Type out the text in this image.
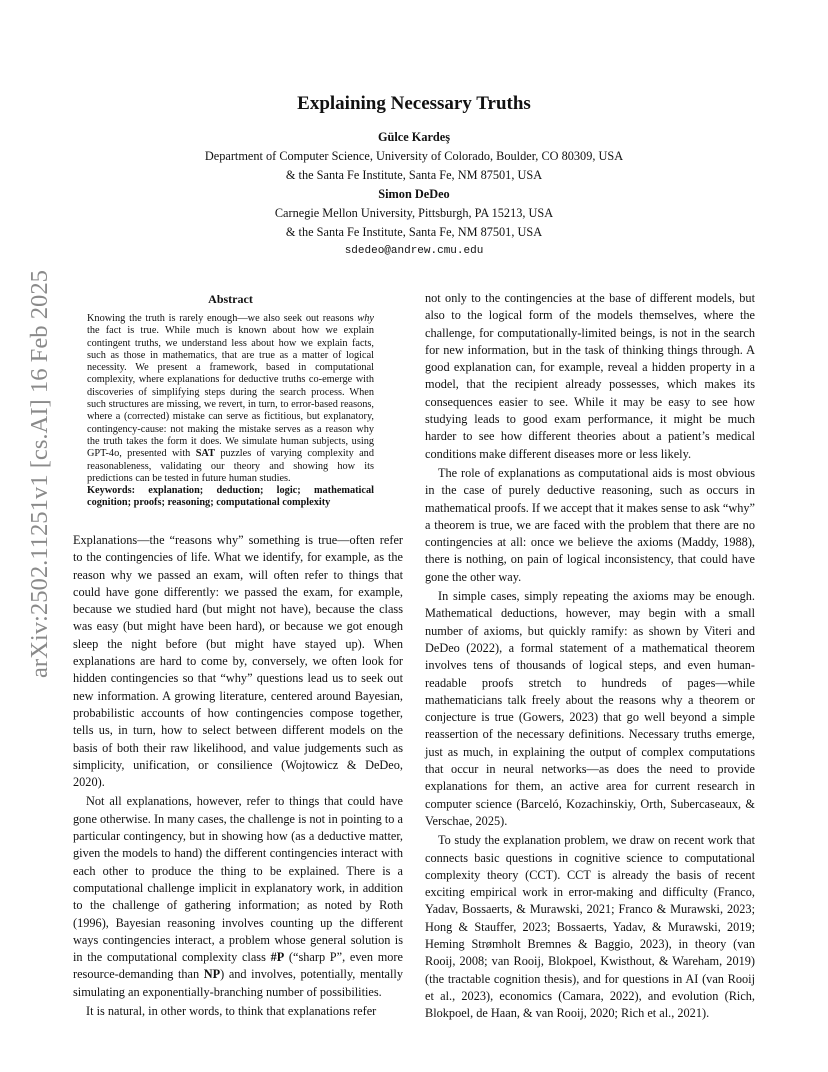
arXiv:2502.11251v1 [cs.AI] 16 Feb 2025
Explaining Necessary Truths
Gülce Kardeş
Department of Computer Science, University of Colorado, Boulder, CO 80309, USA
& the Santa Fe Institute, Santa Fe, NM 87501, USA
Simon DeDeo
Carnegie Mellon University, Pittsburgh, PA 15213, USA
& the Santa Fe Institute, Santa Fe, NM 87501, USA
sdedeo@andrew.cmu.edu
Abstract

Knowing the truth is rarely enough—we also seek out reasons why the fact is true. While much is known about how we explain contingent truths, we understand less about how we explain facts, such as those in mathematics, that are true as a matter of logical necessity. We present a framework, based in computational complexity, where explanations for deductive truths co-emerge with discoveries of simplifying steps during the search process. When such structures are missing, we revert, in turn, to error-based reasons, where a (corrected) mistake can serve as fictitious, but explanatory, contingency-cause: not making the mistake serves as a reason why the truth takes the form it does. We simulate human subjects, using GPT-4o, presented with SAT puzzles of varying complexity and reasonableness, validating our theory and showing how its predictions can be tested in future human studies.

Keywords: explanation; deduction; logic; mathematical cognition; proofs; reasoning; computational complexity

Explanations—the “reasons why” something is true—often refer to the contingencies of life. What we identify, for example, as the reason why we passed an exam, will often refer to things that could have gone differently: we passed the exam, for example, because we studied hard (but might not have), because the class was easy (but might have been hard), or because we got enough sleep the night before (but might have stayed up). When explanations are hard to come by, conversely, we often look for hidden contingencies so that “why” questions lead us to seek out new information. A growing literature, centered around Bayesian, probabilistic accounts of how contingencies compose together, tells us, in turn, how to select between different models on the basis of both their raw likelihood, and value judgements such as simplicity, unification, or consilience (Wojtowicz & DeDeo, 2020).

Not all explanations, however, refer to things that could have gone otherwise. In many cases, the challenge is not in pointing to a particular contingency, but in showing how (as a deductive matter, given the models to hand) the different contingencies interact with each other to produce the thing to be explained. There is a computational challenge implicit in explanatory work, in addition to the challenge of gathering information; as noted by Roth (1996), Bayesian reasoning involves counting up the different ways contingencies interact, a problem whose general solution is in the computational complexity class #P (“sharp P”, even more resource-demanding than NP) and involves, potentially, mentally simulating an exponentially-branching number of possibilities.

It is natural, in other words, to think that explanations refer

not only to the contingencies at the base of different models, but also to the logical form of the models themselves, where the challenge, for computationally-limited beings, is not in the search for new information, but in the task of thinking things through. A good explanation can, for example, reveal a hidden property in a model, that the recipient already possesses, which makes its consequences easier to see. While it may be easy to see how studying leads to good exam performance, it might be much harder to see how different theories about a patient’s medical conditions make different diseases more or less likely.

The role of explanations as computational aids is most obvious in the case of purely deductive reasoning, such as occurs in mathematical proofs. If we accept that it makes sense to ask “why” a theorem is true, we are faced with the problem that there are no contingencies at all: once we believe the axioms (Maddy, 1988), there is nothing, on pain of logical inconsistency, that could have gone the other way.

In simple cases, simply repeating the axioms may be enough. Mathematical deductions, however, may begin with a small number of axioms, but quickly ramify: as shown by Viteri and DeDeo (2022), a formal statement of a mathematical theorem involves tens of thousands of logical steps, and even human-readable proofs stretch to hundreds of pages—while mathematicians talk freely about the reasons why a theorem or conjecture is true (Gowers, 2023) that go well beyond a simple reassertion of the necessary definitions. Necessary truths emerge, just as much, in explaining the output of complex computations that occur in neural networks—as does the need to provide explanations for them, an active area for current research in computer science (Barceló, Kozachinskiy, Orth, Subercaseaux, & Verschae, 2025).

To study the explanation problem, we draw on recent work that connects basic questions in cognitive science to computational complexity theory (CCT). CCT is already the basis of recent exciting empirical work in error-making and difficulty (Franco, Yadav, Bossaerts, & Murawski, 2021; Franco & Murawski, 2023; Hong & Stauffer, 2023; Bossaerts, Yadav, & Murawski, 2019; Heming Strømholt Bremnes & Baggio, 2023), in theory (van Rooij, 2008; van Rooij, Blokpoel, Kwisthout, & Wareham, 2019) (the tractable cognition thesis), and for questions in AI (van Rooij et al., 2023), economics (Camara, 2022), and evolution (Rich, Blokpoel, de Haan, & van Rooij, 2020; Rich et al., 2021).
